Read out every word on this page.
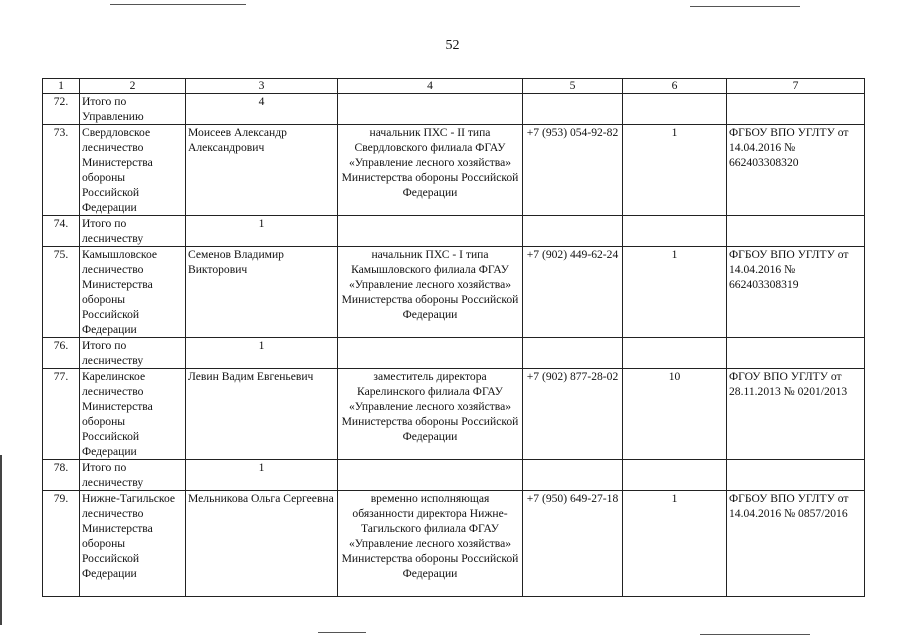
52
1	2	3	4	5	6	7
72.	Итого по Управлению	4				
73.	Свердловское лесничество Министерства обороны Российской Федерации	Моисеев Александр Александрович	начальник ПХС - II типа Свердловского филиала ФГАУ «Управление лесного хозяйства» Министерства обороны Российской Федерации	+7 (953) 054-92-82	1	ФГБОУ ВПО УГЛТУ от 14.04.2016 № 662403308320
74.	Итого по лесничеству	1				
75.	Камышловское лесничество Министерства обороны Российской Федерации	Семенов Владимир Викторович	начальник ПХС - I типа Камышловского филиала ФГАУ «Управление лесного хозяйства» Министерства обороны Российской Федерации	+7 (902) 449-62-24	1	ФГБОУ ВПО УГЛТУ от 14.04.2016 № 662403308319
76.	Итого по лесничеству	1				
77.	Карелинское лесничество Министерства обороны Российской Федерации	Левин Вадим Евгеньевич	заместитель директора Карелинского филиала ФГАУ «Управление лесного хозяйства» Министерства обороны Российской Федерации	+7 (902) 877-28-02	10	ФГОУ ВПО УГЛТУ от 28.11.2013 № 0201/2013
78.	Итого по лесничеству	1				
79.	Нижне-Тагильское лесничество Министерства обороны Российской Федерации	Мельникова Ольга Сергеевна	временно исполняющая обязанности директора Нижне-Тагильского филиала ФГАУ «Управление лесного хозяйства» Министерства обороны Российской Федерации	+7 (950) 649-27-18	1	ФГБОУ ВПО УГЛТУ от 14.04.2016 № 0857/2016
